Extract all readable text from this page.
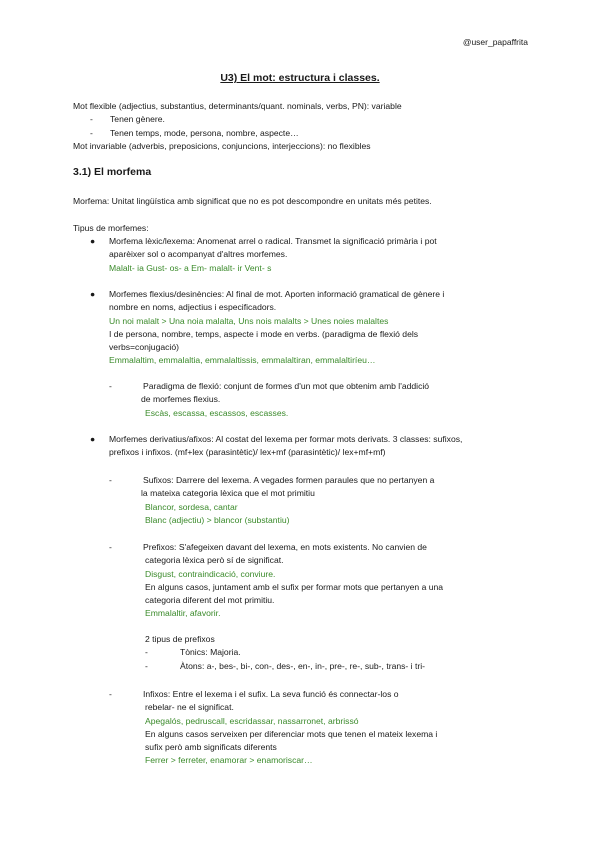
@user_papaffrita
U3) El mot: estructura i classes.
Mot flexible (adjectius, substantius, determinants/quant. nominals, verbs, PN): variable
- Tenen gènere.
- Tenen temps, mode, persona, nombre, aspecte…
Mot invariable (adverbis, preposicions, conjuncions, interjeccions): no flexibles
3.1) El morfema
Morfema: Unitat lingüística amb significat que no es pot descompondre en unitats més petites.
Tipus de morfemes:
● Morfema lèxic/lexema: Anomenat arrel o radical. Transmet la significació primària i pot
aparèixer sol o acompanyat d'altres morfemes.
Malalt- ia Gust- os- a Em- malalt- ir Vent- s
● Morfemes flexius/desinències: Al final de mot. Aporten informació gramatical de gènere i
nombre en noms, adjectius i especificadors.
Un noi malalt > Una noia malalta, Uns nois malalts > Unes noies malaltes
I de persona, nombre, temps, aspecte i mode en verbs. (paradigma de flexió dels
verbs=conjugació)
Emmalaltim, emmalaltia, emmalaltissis, emmalaltiran, emmalaltiríeu…
-	Paradigma de flexió: conjunt de formes d'un mot que obtenim amb l'addició
de morfemes flexius.
Escàs, escassa, escassos, escasses.
● Morfemes derivatius/afixos: Al costat del lexema per formar mots derivats. 3 classes: sufixos,
prefixos i infixos. (mf+lex (parasintètic)/ lex+mf (parasintètic)/ lex+mf+mf)
-	Sufixos: Darrere del lexema. A vegades formen paraules que no pertanyen a
la mateixa categoria lèxica que el mot primitiu
Blancor, sordesa, cantar
Blanc (adjectiu) > blancor (substantiu)
-	Prefixos: S'afegeixen davant del lexema, en mots existents. No canvien de
categoria lèxica però sí de significat.
Disgust, contraindicació, conviure.
En alguns casos, juntament amb el sufix per formar mots que pertanyen a una
categoria diferent del mot primitiu.
Emmalaltir, afavorir.
2 tipus de prefixos
-	Tònics: Majoria.
-	Àtons: a-, bes-, bi-, con-, des-, en-, in-, pre-, re-, sub-, trans- i tri-
-	Infixos: Entre el lexema i el sufix. La seva funció és connectar-los o
rebelar- ne el significat.
Apegalós, pedruscall, escridassar, nassarronet, arbrissó
En alguns casos serveixen per diferenciar mots que tenen el mateix lexema i
sufix però amb significats diferents
Ferrer > ferreter, enamorar > enamoriscar…
